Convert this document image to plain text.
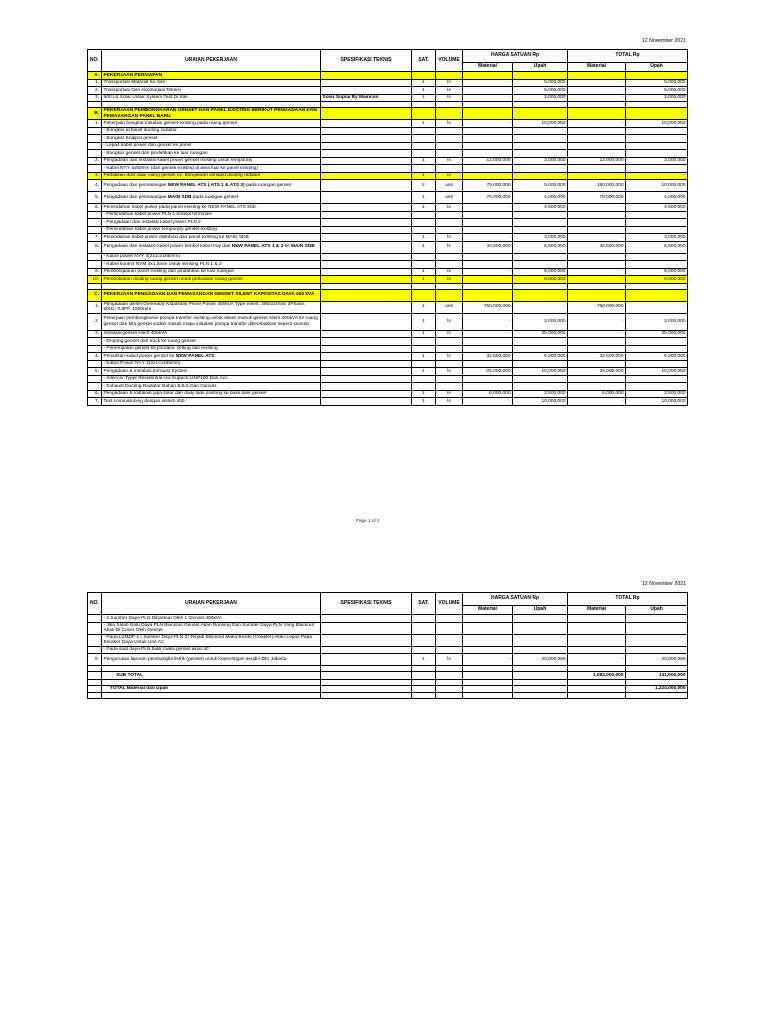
12 November 2021
NO.	URAIAN PEKERJAAN	SPESIFIKASI TEKNIS	SAT.	VOLUME	HARGA SATUAN Rp		TOTAL Rp	
					Material	Upah	Material	Upah
A.	PEKERJAAN PERSIAPAN							
1.	Transportasi Material Ke Site		1	ls	-	5,000,000	-	5,000,000
2.	Transportasi Dan Akomodasi Teknisi		1	ls	-	5,000,000	-	5,000,000
3.	500 Ltr Solar Untuk System Test Di Site	Solar Suplai By Maincon	1	ls	-	2,000,000	-	2,000,000

B.	PEKERJAAN PEMBONGKARAN GENSET DAN PANEL EXISTING BERIKUT PENGADAAN DAN PEMASANGAN PANEL BARU							
1.	Pekerjaan bongkar instalasi genset existing pada ruang genset		1	ls	-	10,000,000	-	10,000,000
	- Bongkar exhaust ducting radiator							
	- Bongkar Knalpot genset							
	- Lepas kabel power dari genset ke panel							
	- Bongkar genset dan pindahkan ke luar ruangan							
2.	Pengadaan dan instalasi kabel power genset existing untuk temporary		1	ls	12,000,000	3,000,000	12,000,000	3,000,000
	- Kabel NYY 4x50mm (dari genset existing di area luar ke panel existing)							
3.	Perbaikan duct atap ruang genset ex. Bongkaran exhaust ducting radiator		1	ls	-	-	-	-
4.	Pengadaan dan pemasangan NEW PANEL ATS ( ATS 1 & ATS 2) pada ruangan genset		2	unit	75,000,000	5,000,000	150,000,000	10,000,000
5.	Pengadaan dan pemasangan MAIN SDB pada ruangan genset		1	unit	75,000,000	4,000,000	75,000,000	4,000,000
6.	Pemindahan kabel power pada panel existing ke NEW PANEL ATS Sbb :		1	ls	-	4,500,000	-	4,500,000
	- Pemindahan kabel power PLN 1 berikut terminasi							
	- Pengadaan dan instalasi kabel power PLN 2							
	- Pemindahan kabel power temporary genset existing							
7.	Pemindahan kabel power distribusi dan panel existing ke MAIN SDB		1	ls	-	3,000,000	-	3,000,000
8.	Pengadaan dan instalasi kabel power berikut kabel tray dari NEW PANEL ATS 1 & 2 ke MAIN SDB		1	ls	32,500,000	6,500,000	32,500,000	6,500,000
	- Kabel power NYY 4(2x1cx185mm)							
	- Kabel kontrol NYM 4x1,5mm untuk sensing PLN 1 & 2							
9.	Pembongkaran panel existing dan pindahkan ke luar ruangan		1	ls	-	5,000,000	-	5,000,000
10.	Pembobokan dinding ruang genset untuk perluasan ruang genset		1	ls	-	5,000,000	-	5,000,000

C.	PEKERJAAN PENGADAAN DAN PEMASANGAN GENSET SILENT KAPASITAS DAYA 400 kVA							
1.	Pengadaan diesel Generator Kapasitas Prime Power 400kVA Type Silent, 380/220Vac 3Phase, 50Hz, 0.8PF, 1500rpm		1	unit	750,000,000	-	750,000,000	-
2.	Pekerjaan pembongkaran pompa transfer existing untuk akses masuk genset silent 400kVA ke ruang genset dan bila genset sudah masuk maka instalasi pompa transfer dikembalikan seperti semula		1	ls	-	3,000,000	-	3,000,000
3.	Instalasi genset silent 400kVA		1	ls	-	25,000,000	-	25,000,000
	- Droping genset dari truck ke ruang genset							
	- Penempatan genset ke pondasi, setting dan leveling							
4.	Penarikan kabel power genset ke NEW PANEL ATS		1	ls	32,500,000	6,500,000	32,500,000	6,500,000
	- Kabel Power NYY 4(2x1cx185mm)							
5.	Pengadaan & Instalasi Exhaust System		1	ls	25,000,000	10,000,000	25,000,000	10,000,000
	- Silencer Typer Residential c/w Support UNP100 Dan Acc.							
	- Exhaust Ducting Radiator Bahan BJLS Dan Canvas							
6.	Pengadaan & Instalasi pipa solar dari daily tank existing ke base tank genset		1	ls	6,000,000	3,500,000	6,000,000	3,500,000
7.	Test commisioning dengan sistem sbb :		1	ls	-	10,000,000	-	10,000,000
Page 1 of 2
12 November 2021
NO.	URAIAN PEKERJAAN	SPESIFIKASI TEKNIS	SAT.	VOLUME	HARGA SATUAN Rp		TOTAL Rp	
					Material	Upah	Material	Upah
	- 2 Sumber Daya PLN Dibackup Oleh 1 Genset 400kVA							
	- Jika Salah Satu Daya PLN Blackout Genset Akan Running Dan Sumber Daya PLN Yang Blackout Akan Di Cover Oleh Genset							
	- Pada LVMDP 2 ( Sumber Daya PLN 2) Terjadi Blackout Maka Busite (Coupler) Akan Lepas Pada Breaker Daya Untuk Unit AC							
	- Pada saat daya PLN balik maka genset akan off							
8.	Pengurusan laporan pembangkit listrik (genset) untuk kepentingan sendiri DKI Jakarta		1	ls	-	20,000,000	-	20,000,000

	SUB TOTAL						1,083,000,000	141,000,000

	TOTAL Material dan Upah							1,224,000,000
